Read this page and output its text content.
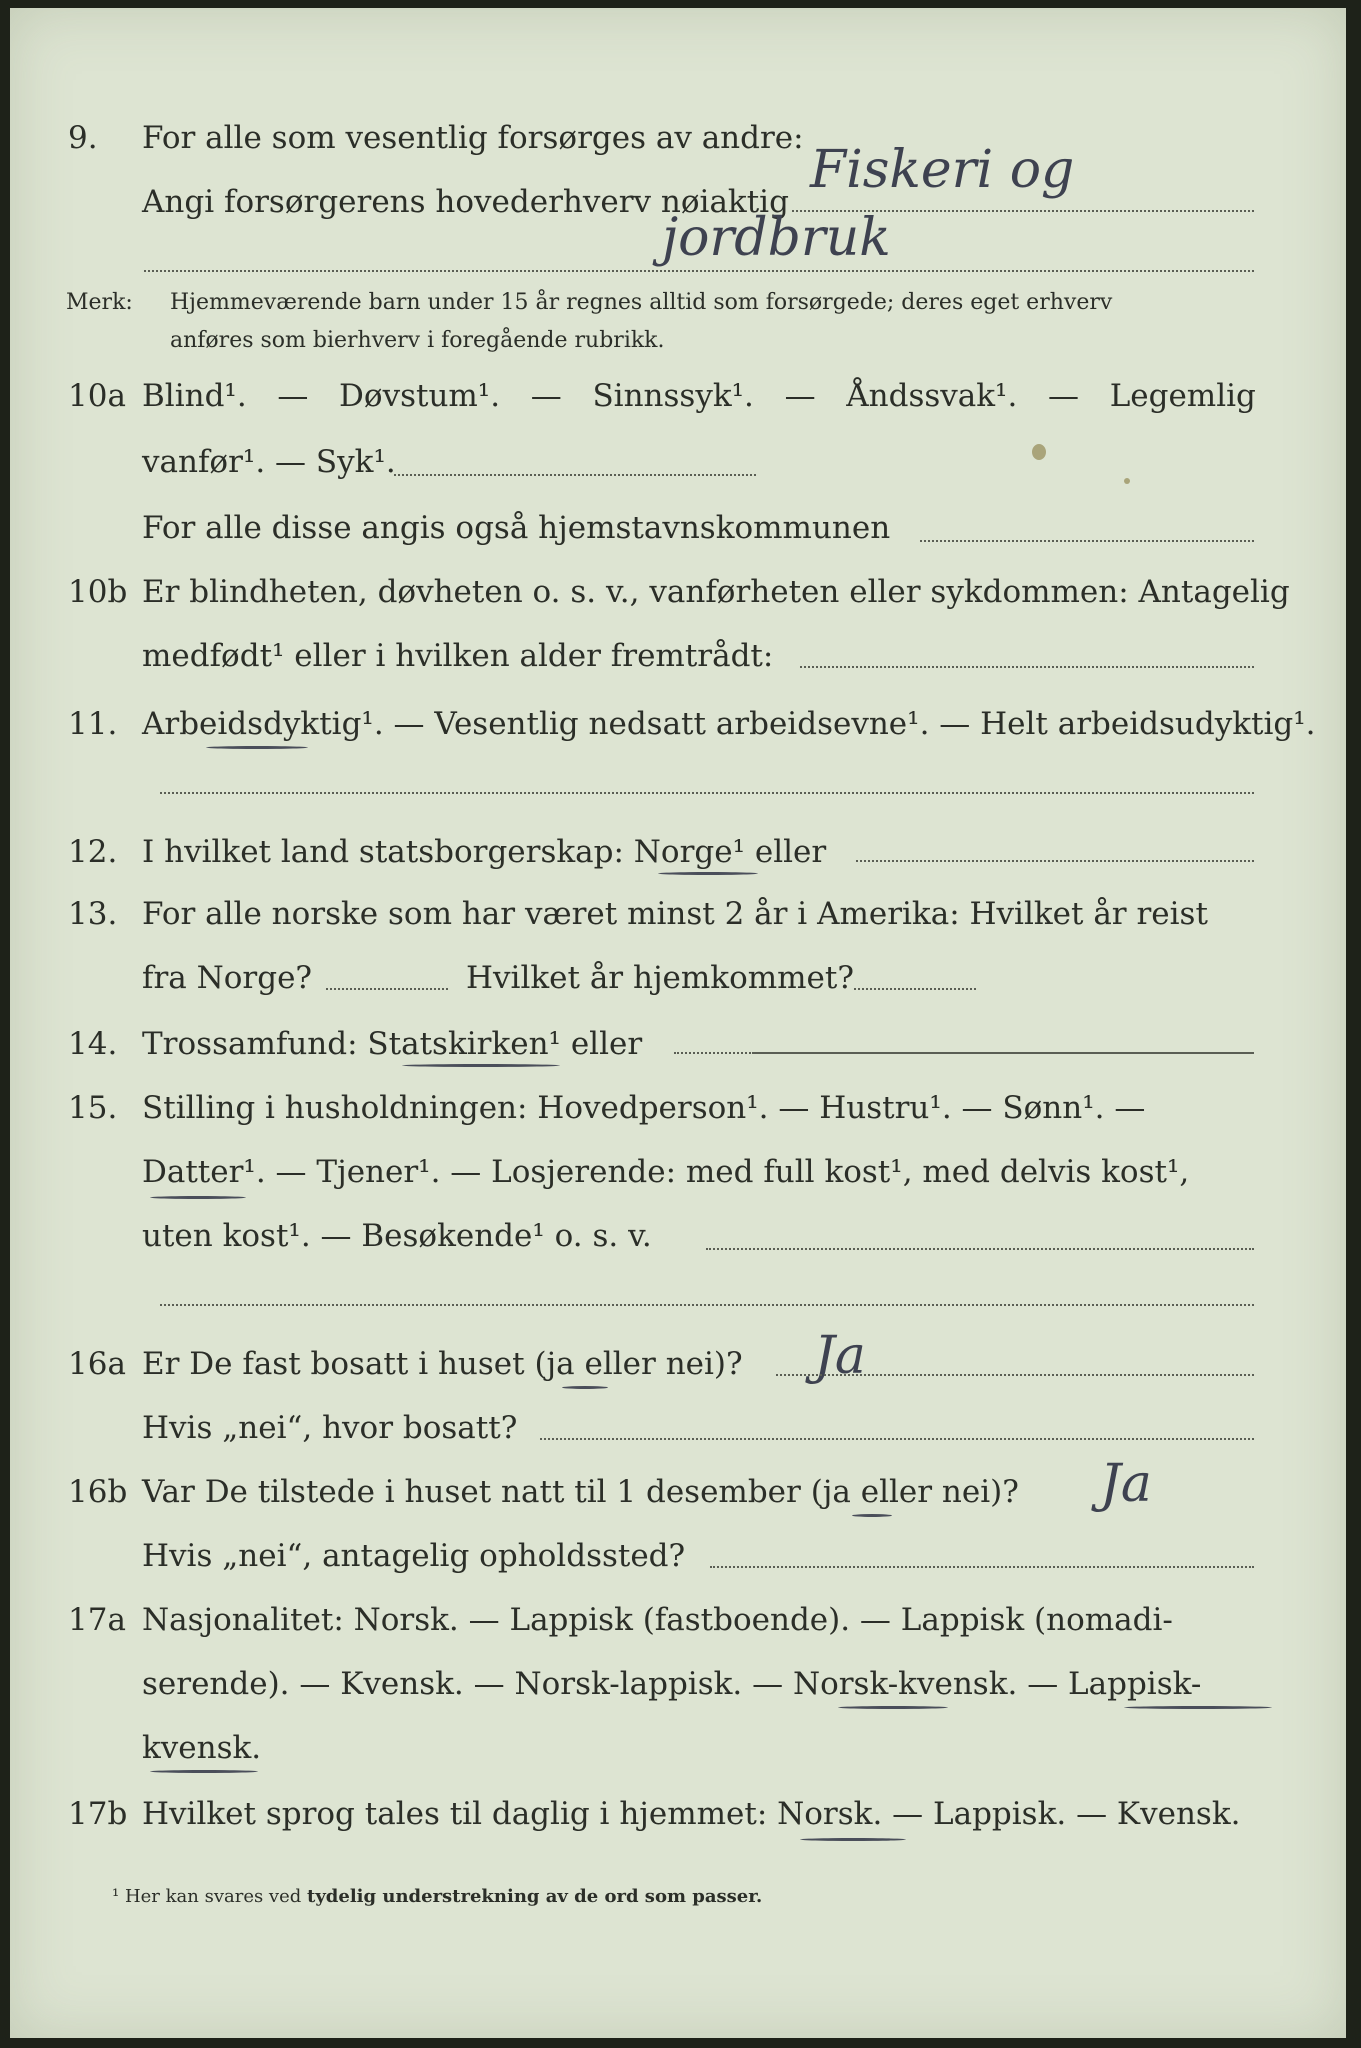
9. For alle som vesentlig forsørges av andre:
Angi forsørgerens hovederhverv nøiaktig
Fiskeri og
jordbruk
Merk: Hjemmeværende barn under 15 år regnes alltid som forsørgede; deres eget erhverv
anføres som bierhverv i foregående rubrikk.
10a Blind¹. — Døvstum¹. — Sinnssyk¹. — Åndssvak¹. — Legemlig
vanfør¹. — Syk¹.
For alle disse angis også hjemstavnskommunen
10b Er blindheten, døvheten o. s. v., vanførheten eller sykdommen: Antagelig
medfødt¹ eller i hvilken alder fremtrådt:
11. Arbeidsdyktig¹. — Vesentlig nedsatt arbeidsevne¹. — Helt arbeidsudyktig¹.
12. I hvilket land statsborgerskap: Norge¹ eller
13. For alle norske som har været minst 2 år i Amerika: Hvilket år reist
fra Norge?	Hvilket år hjemkommet?
14. Trossamfund: Statskirken¹ eller
15. Stilling i husholdningen: Hovedperson¹. — Hustru¹. — Sønn¹. —
Datter¹. — Tjener¹. — Losjerende: med full kost¹, med delvis kost¹,
uten kost¹. — Besøkende¹ o. s. v.
16a Er De fast bosatt i huset (ja eller nei)? Ja
Hvis „nei“, hvor bosatt?
16b Var De tilstede i huset natt til 1 desember (ja eller nei)? Ja
Hvis „nei“, antagelig opholdssted?
17a Nasjonalitet: Norsk. — Lappisk (fastboende). — Lappisk (nomadi-
serende). — Kvensk. — Norsk-lappisk. — Norsk-kvensk. — Lappisk-
kvensk.
17b Hvilket sprog tales til daglig i hjemmet: Norsk. — Lappisk. — Kvensk.
¹ Her kan svares ved tydelig understrekning av de ord som passer.
